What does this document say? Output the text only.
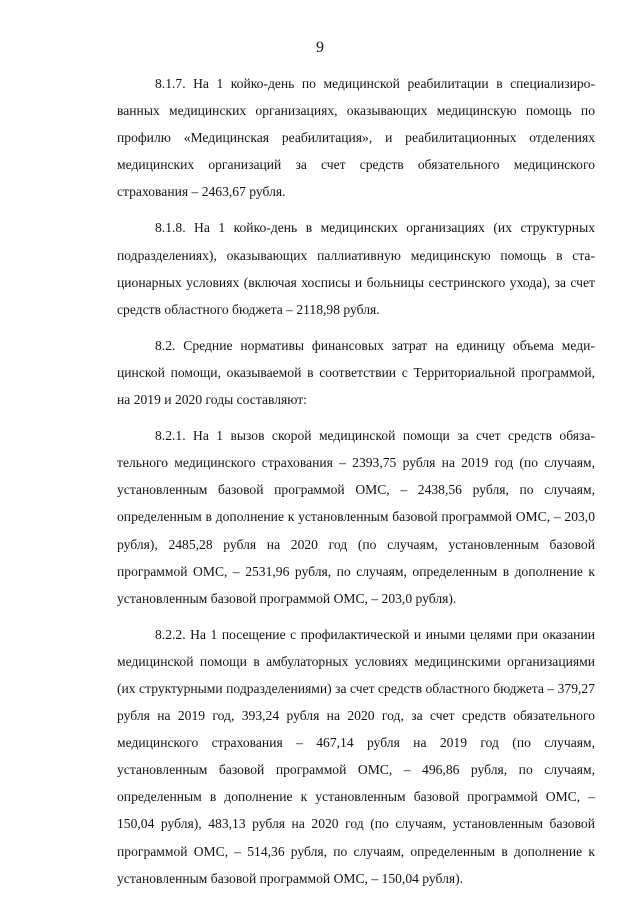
9

8.1.7. На 1 койко-день по медицинской реабилитации в специализированных медицинских организациях, оказывающих медицинскую помощь по профилю «Медицинская реабилитация», и реабилитационных отделениях медицинских организаций за счет средств обязательного медицинского страхования – 2463,67 рубля.

8.1.8. На 1 койко-день в медицинских организациях (их структурных подразделениях), оказывающих паллиативную медицинскую помощь в стационарных условиях (включая хосписы и больницы сестринского ухода), за счет средств областного бюджета – 2118,98 рубля.

8.2. Средние нормативы финансовых затрат на единицу объема медицинской помощи, оказываемой в соответствии с Территориальной программой, на 2019 и 2020 годы составляют:

8.2.1. На 1 вызов скорой медицинской помощи за счет средств обязательного медицинского страхования – 2393,75 рубля на 2019 год (по случаям, установленным базовой программой ОМС, – 2438,56 рубля, по случаям, определенным в дополнение к установленным базовой программой ОМС, – 203,0 рубля), 2485,28 рубля на 2020 год (по случаям, установленным базовой программой ОМС, – 2531,96 рубля, по случаям, определенным в дополнение к установленным базовой программой ОМС, – 203,0 рубля).

8.2.2. На 1 посещение с профилактической и иными целями при оказании медицинской помощи в амбулаторных условиях медицинскими организациями (их структурными подразделениями) за счет средств областного бюджета – 379,27 рубля на 2019 год, 393,24 рубля на 2020 год, за счет средств обязательного медицинского страхования – 467,14 рубля на 2019 год (по случаям, установленным базовой программой ОМС, – 496,86 рубля, по случаям, определенным в дополнение к установленным базовой программой ОМС, – 150,04 рубля), 483,13 рубля на 2020 год (по случаям, установленным базовой программой ОМС, – 514,36 рубля, по случаям, определенным в дополнение к установленным базовой программой ОМС, – 150,04 рубля).
